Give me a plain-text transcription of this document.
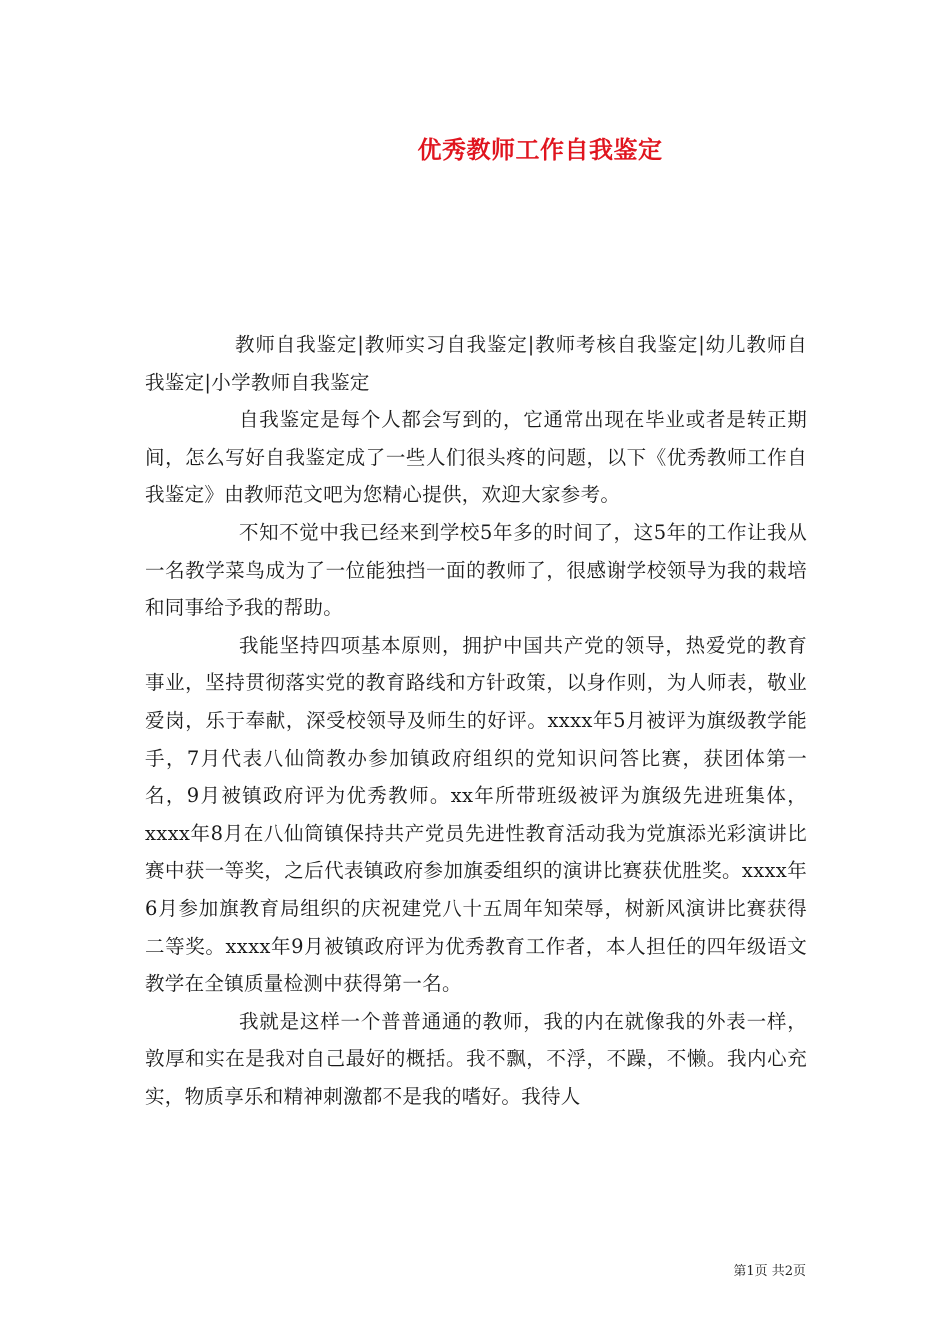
优秀教师工作自我鉴定

教师自我鉴定|教师实习自我鉴定|教师考核自我鉴定|幼儿教师自我鉴定|小学教师自我鉴定

自我鉴定是每个人都会写到的，它通常出现在毕业或者是转正期间，怎么写好自我鉴定成了一些人们很头疼的问题，以下《优秀教师工作自我鉴定》由教师范文吧为您精心提供，欢迎大家参考。

不知不觉中我已经来到学校5年多的时间了，这5年的工作让我从一名教学菜鸟成为了一位能独挡一面的教师了，很感谢学校领导为我的栽培和同事给予我的帮助。

我能坚持四项基本原则，拥护中国共产党的领导，热爱党的教育事业，坚持贯彻落实党的教育路线和方针政策，以身作则，为人师表，敬业爱岗，乐于奉献，深受校领导及师生的好评。xxxx年5月被评为旗级教学能手，7月代表八仙筒教办参加镇政府组织的党知识问答比赛，获团体第一名，9月被镇政府评为优秀教师。xx年所带班级被评为旗级先进班集体，xxxx年8月在八仙筒镇保持共产党员先进性教育活动我为党旗添光彩演讲比赛中获一等奖，之后代表镇政府参加旗委组织的演讲比赛获优胜奖。xxxx年6月参加旗教育局组织的庆祝建党八十五周年知荣辱，树新风演讲比赛获得二等奖。xxxx年9月被镇政府评为优秀教育工作者，本人担任的四年级语文教学在全镇质量检测中获得第一名。

我就是这样一个普普通通的教师，我的内在就像我的外表一样，敦厚和实在是我对自己最好的概括。我不飘，不浮，不躁，不懒。我内心充实，物质享乐和精神刺激都不是我的嗜好。我待人

第1页 共2页
